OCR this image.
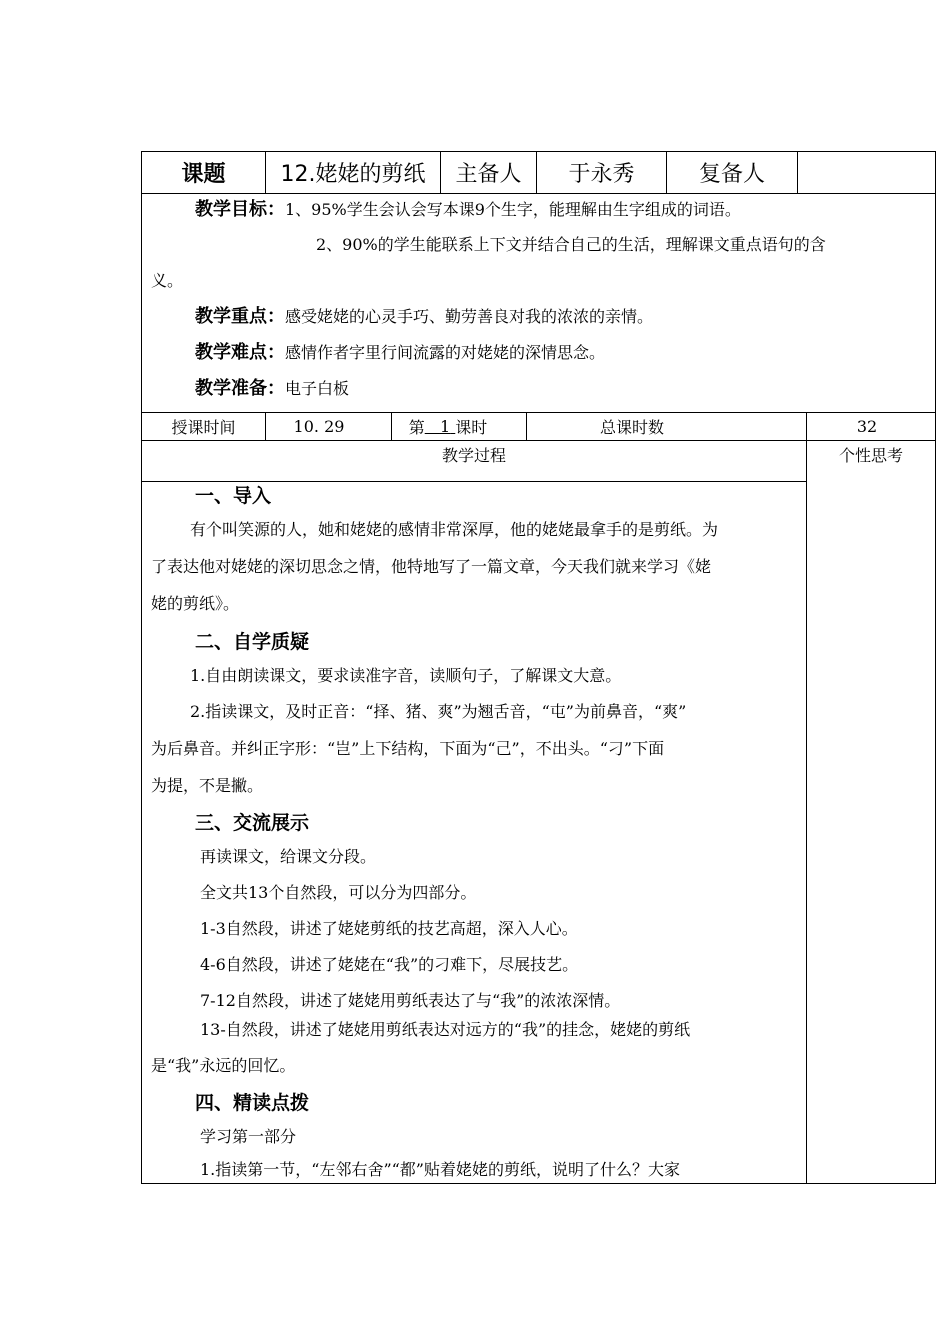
课题	12.姥姥的剪纸	主备人	于永秀	复备人
教学目标：1、95%学生会认会写本课9个生字，能理解由生字组成的词语。
2、90%的学生能联系上下文并结合自己的生活，理解课文重点语句的含
义。
教学重点：感受姥姥的心灵手巧、勤劳善良对我的浓浓的亲情。
教学难点：感情作者字里行间流露的对姥姥的深情思念。
教学准备：电子白板
授课时间	10. 29	第 1 课时	总课时数	32
教学过程	个性思考
一、导入
有个叫笑源的人，她和姥姥的感情非常深厚，他的姥姥最拿手的是剪纸。为
了表达他对姥姥的深切思念之情，他特地写了一篇文章，今天我们就来学习《姥
姥的剪纸》。
二、自学质疑
1.自由朗读课文，要求读准字音，读顺句子，了解课文大意。
2.指读课文，及时正音：“择、猪、爽”为翘舌音，“屯”为前鼻音，“爽”
为后鼻音。并纠正字形：“岂”上下结构，下面为“己”，不出头。“刁”下面
为提，不是撇。
三、交流展示
再读课文，给课文分段。
全文共13个自然段，可以分为四部分。
1-3自然段，讲述了姥姥剪纸的技艺高超，深入人心。
4-6自然段，讲述了姥姥在“我”的刁难下，尽展技艺。
7-12自然段，讲述了姥姥用剪纸表达了与“我”的浓浓深情。
13-自然段，讲述了姥姥用剪纸表达对远方的“我”的挂念，姥姥的剪纸
是“我”永远的回忆。
四、精读点拨
学习第一部分
1.指读第一节，“左邻右舍”“都”贴着姥姥的剪纸，说明了什么？大家
